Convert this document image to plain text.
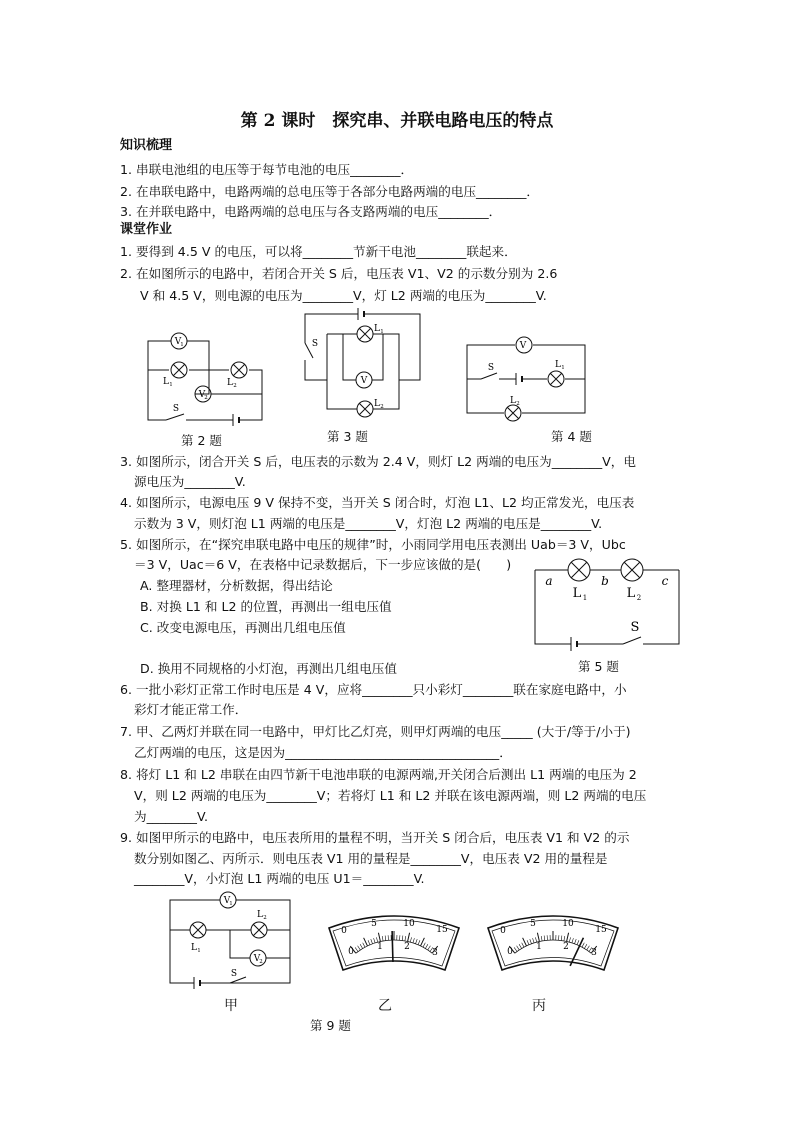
第 2 课时　探究串、并联电路电压的特点
知识梳理
1. 串联电池组的电压等于每节电池的电压________．
2. 在串联电路中，电路两端的总电压等于各部分电路两端的电压________．
3. 在并联电路中，电路两端的总电压与各支路两端的电压________．
课堂作业
1. 要得到 4.5 V 的电压，可以将________节新干电池________联起来．
2. 在如图所示的电路中，若闭合开关 S 后，电压表 V1、V2 的示数分别为 2.6
V 和 4.5 V，则电源的电压为________V，灯 L2 两端的电压为________V.
V
V
L	L
S
1
2
1	2
第 2 题
S
L
V
L
1
2
第 3 题
V
S	L
L
1
2
第 4 题
3. 如图所示，闭合开关 S 后，电压表的示数为 2.4 V，则灯 L2 两端的电压为________V，电
源电压为________V.
4. 如图所示，电源电压 9 V 保持不变，当开关 S 闭合时，灯泡 L1、L2 均正常发光，电压表
示数为 3 V，则灯泡 L1 两端的电压是________V，灯泡 L2 两端的电压是________V.
5. 如图所示，在“探究串联电路中电压的规律”时，小雨同学用电压表测出 Uab＝3 V，Ubc
＝3 V，Uac＝6 V，在表格中记录数据后，下一步应该做的是(　　)
A. 整理器材，分析数据，得出结论
B. 对换 L1 和 L2 的位置，再测出一组电压值
C. 改变电源电压，再测出几组电压值
D. 换用不同规格的小灯泡，再测出几组电压值
a	b	c
L	L
S
1	2
第 5 题
6. 一批小彩灯正常工作时电压是 4 V，应将________只小彩灯________联在家庭电路中，小
彩灯才能正常工作．
7. 甲、乙两灯并联在同一电路中，甲灯比乙灯亮，则甲灯两端的电压_____ (大于/等于/小于)
乙灯两端的电压，这是因为__________________________________．
8. 将灯 L1 和 L2 串联在由四节新干电池串联的电源两端,开关闭合后测出 L1 两端的电压为 2
V，则 L2 两端的电压为________V；若将灯 L1 和 L2 并联在该电源两端，则 L2 两端的电压
为________V.
9. 如图甲所示的电路中，电压表所用的量程不明，当开关 S 闭合后，电压表 V1 和 V2 的示
数分别如图乙、丙所示．则电压表 V1 用的量程是________V，电压表 V2 用的量程是
________V，小灯泡 L1 两端的电压 U1＝________V.
V
V
L
L
S
1
2
1
2
甲
0
5	10
15
0	1 2
3
乙
0
5	10
15
0	1 2
3
丙
第 9 题
